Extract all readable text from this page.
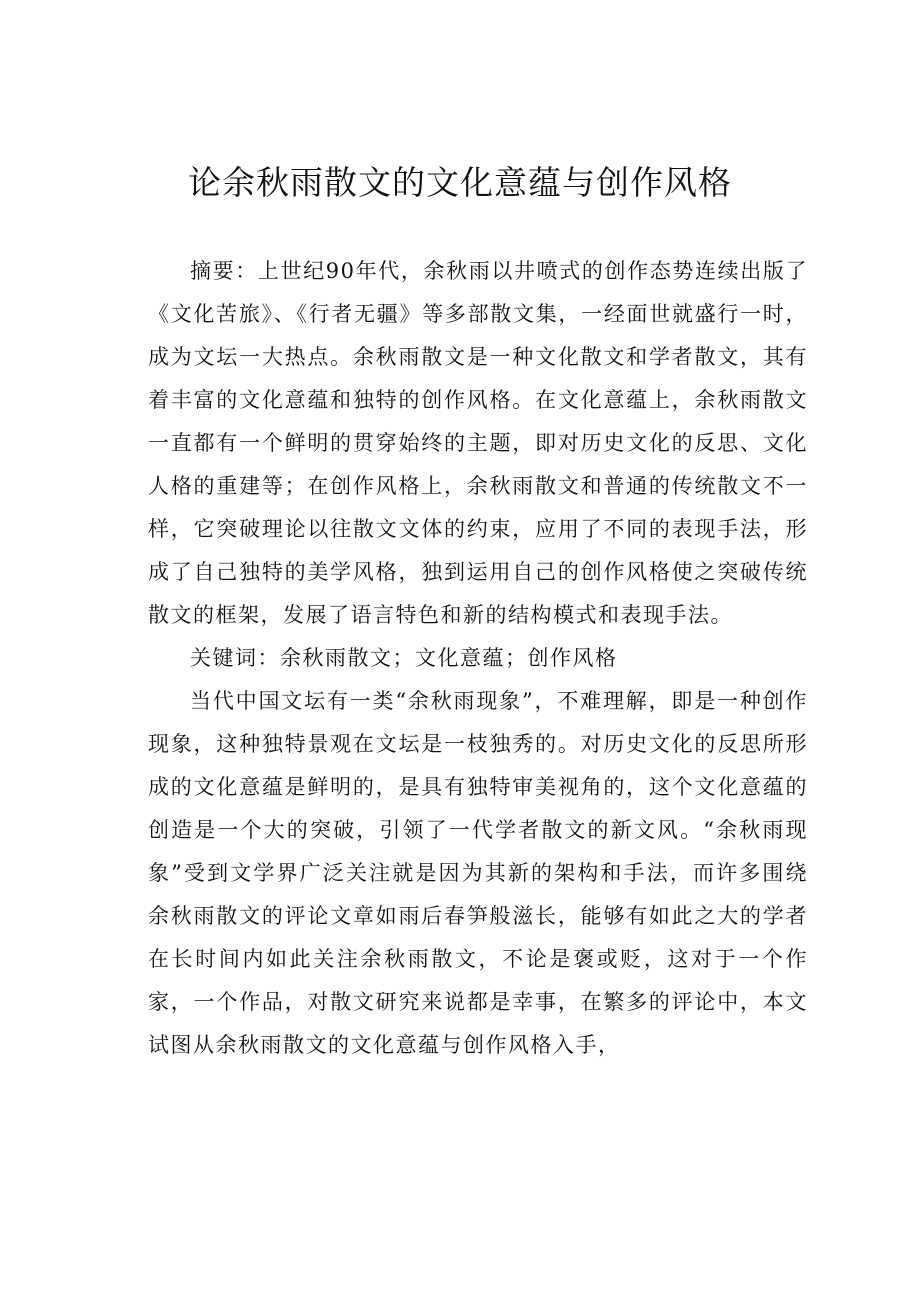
论余秋雨散文的文化意蕴与创作风格

摘要：上世纪90年代，余秋雨以井喷式的创作态势连续出版了《文化苦旅》、《行者无疆》等多部散文集，一经面世就盛行一时，成为文坛一大热点。余秋雨散文是一种文化散文和学者散文，其有着丰富的文化意蕴和独特的创作风格。在文化意蕴上，余秋雨散文一直都有一个鲜明的贯穿始终的主题，即对历史文化的反思、文化人格的重建等；在创作风格上，余秋雨散文和普通的传统散文不一样，它突破理论以往散文文体的约束，应用了不同的表现手法，形成了自己独特的美学风格，独到运用自己的创作风格使之突破传统散文的框架，发展了语言特色和新的结构模式和表现手法。

关键词：余秋雨散文；文化意蕴；创作风格

当代中国文坛有一类“余秋雨现象”，不难理解，即是一种创作现象，这种独特景观在文坛是一枝独秀的。对历史文化的反思所形成的文化意蕴是鲜明的，是具有独特审美视角的，这个文化意蕴的创造是一个大的突破，引领了一代学者散文的新文风。“余秋雨现象”受到文学界广泛关注就是因为其新的架构和手法，而许多围绕余秋雨散文的评论文章如雨后春笋般滋长，能够有如此之大的学者在长时间内如此关注余秋雨散文，不论是褒或贬，这对于一个作家，一个作品，对散文研究来说都是幸事，在繁多的评论中，本文试图从余秋雨散文的文化意蕴与创作风格入手，
